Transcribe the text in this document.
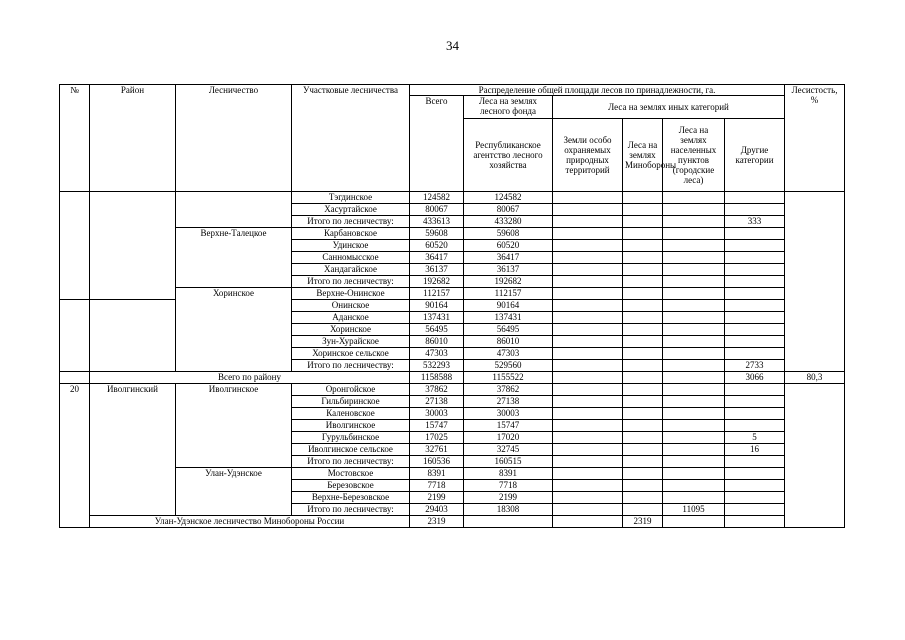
34
№	Район	Лесничество	Участковые лесничества	Распределение общей площади лесов по принадлежности, га.						Лесистость, %
				Всего	Леса на землях лесного фонда	Леса на землях иных категорий				
					Республиканское агентство лесного хозяйства	Земли особо охраняемых природных территорий	Леса на землях Минобороны	Леса на землях населенных пунктов (городские леса)	Другие категории	
			Тэгдинское	124582	124582					
			Хасуртайское	80067	80067					
			Итого по лесничеству:	433613	433280				333	
		Верхне-Талецкое	Карбановское	59608	59608					
			Удинское	60520	60520					
			Санномысское	36417	36417					
			Хандагайское	36137	36137					
			Итого по лесничеству:	192682	192682					
		Хоринское	Верхне-Онинское	112157	112157					
			Онинское	90164	90164					
			Аданское	137431	137431					
			Хоринское	56495	56495					
			Зун-Хурайское	86010	86010					
			Хоринское сельское	47303	47303					
			Итого по лесничеству:	532293	529560				2733	
	Всего по району			1158588	1155522				3066	80,3
20	Иволгинский	Иволгинское	Оронгойское	37862	37862					
			Гильбиринское	27138	27138					
			Каленовское	30003	30003					
			Иволгинское	15747	15747					
			Гурульбинское	17025	17020				5	
			Иволгинское сельское	32761	32745				16	
			Итого по лесничеству:	160536	160515					
		Улан-Удэнское	Мостовское	8391	8391					
			Березовское	7718	7718					
			Верхне-Березовское	2199	2199					
			Итого по лесничеству:	29403	18308			11095		
	Улан-Удэнское лесничество Минобороны России			2319			2319			
